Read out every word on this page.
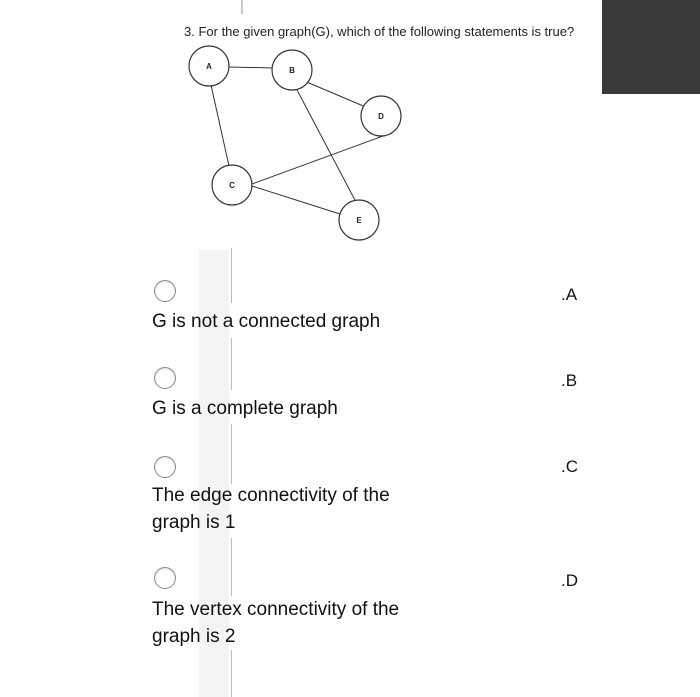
3. For the given graph(G), which of the following statements is true?
A	B
C
D
E
.A
G is not a connected graph
.B
G is a complete graph
.C
The edge connectivity of the graph is 1
.D
The vertex connectivity of the graph is 2
